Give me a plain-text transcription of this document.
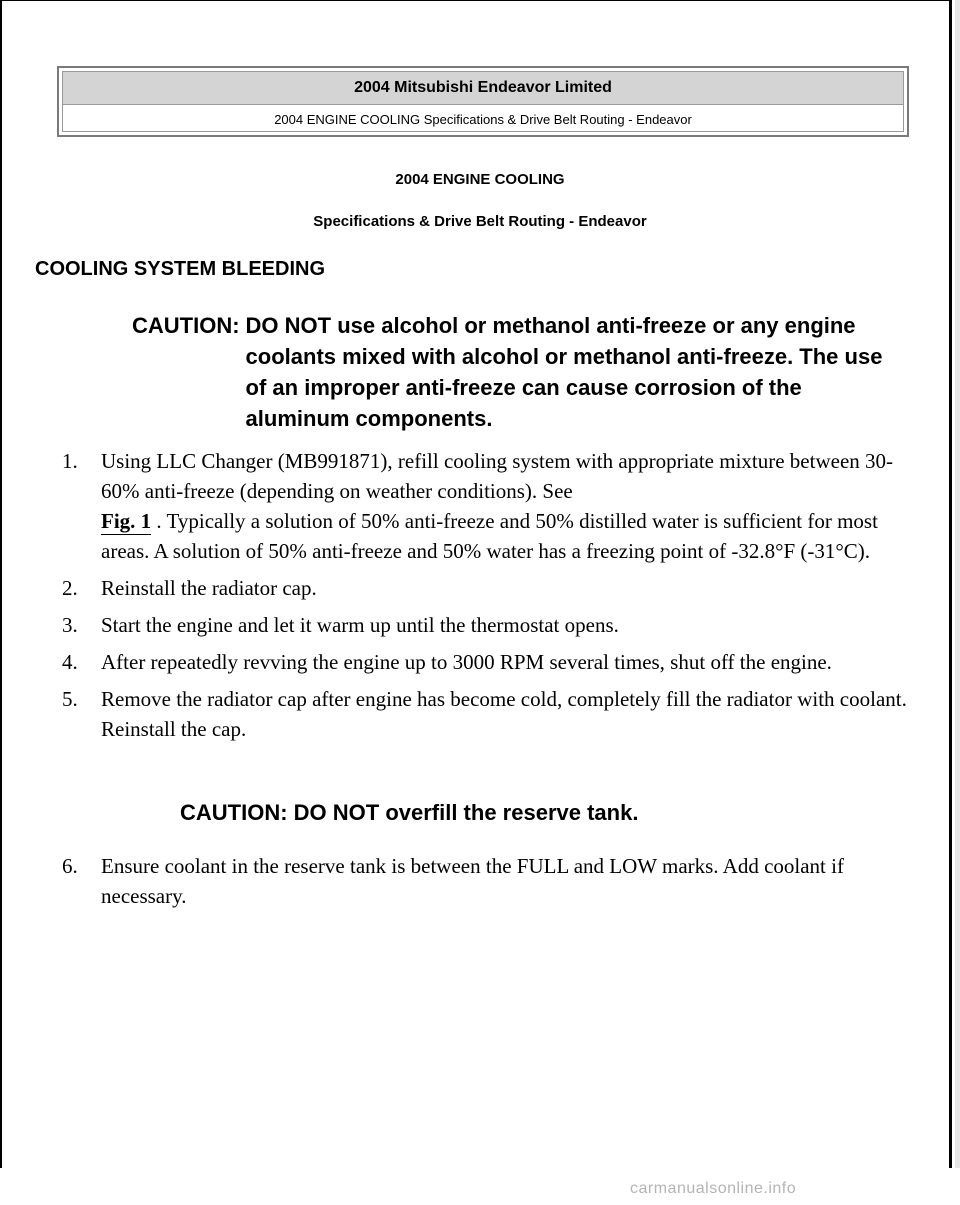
2004 Mitsubishi Endeavor Limited
2004 ENGINE COOLING Specifications & Drive Belt Routing - Endeavor
2004 ENGINE COOLING
Specifications & Drive Belt Routing - Endeavor
COOLING SYSTEM BLEEDING
CAUTION: DO NOT use alcohol or methanol anti-freeze or any engine coolants mixed with alcohol or methanol anti-freeze. The use of an improper anti-freeze can cause corrosion of the aluminum components.
1.	Using LLC Changer (MB991871), refill cooling system with appropriate mixture between 30-60% anti-freeze (depending on weather conditions). See
Fig. 1 . Typically a solution of 50% anti-freeze and 50% distilled water is sufficient for most areas. A solution of 50% anti-freeze and 50% water has a freezing point of -32.8°F (-31°C).
2.	Reinstall the radiator cap.
3.	Start the engine and let it warm up until the thermostat opens.
4.	After repeatedly revving the engine up to 3000 RPM several times, shut off the engine.
5.	Remove the radiator cap after engine has become cold, completely fill the radiator with coolant. Reinstall the cap.
CAUTION: DO NOT overfill the reserve tank.
6.	Ensure coolant in the reserve tank is between the FULL and LOW marks. Add coolant if necessary.
carmanualsonline.info
